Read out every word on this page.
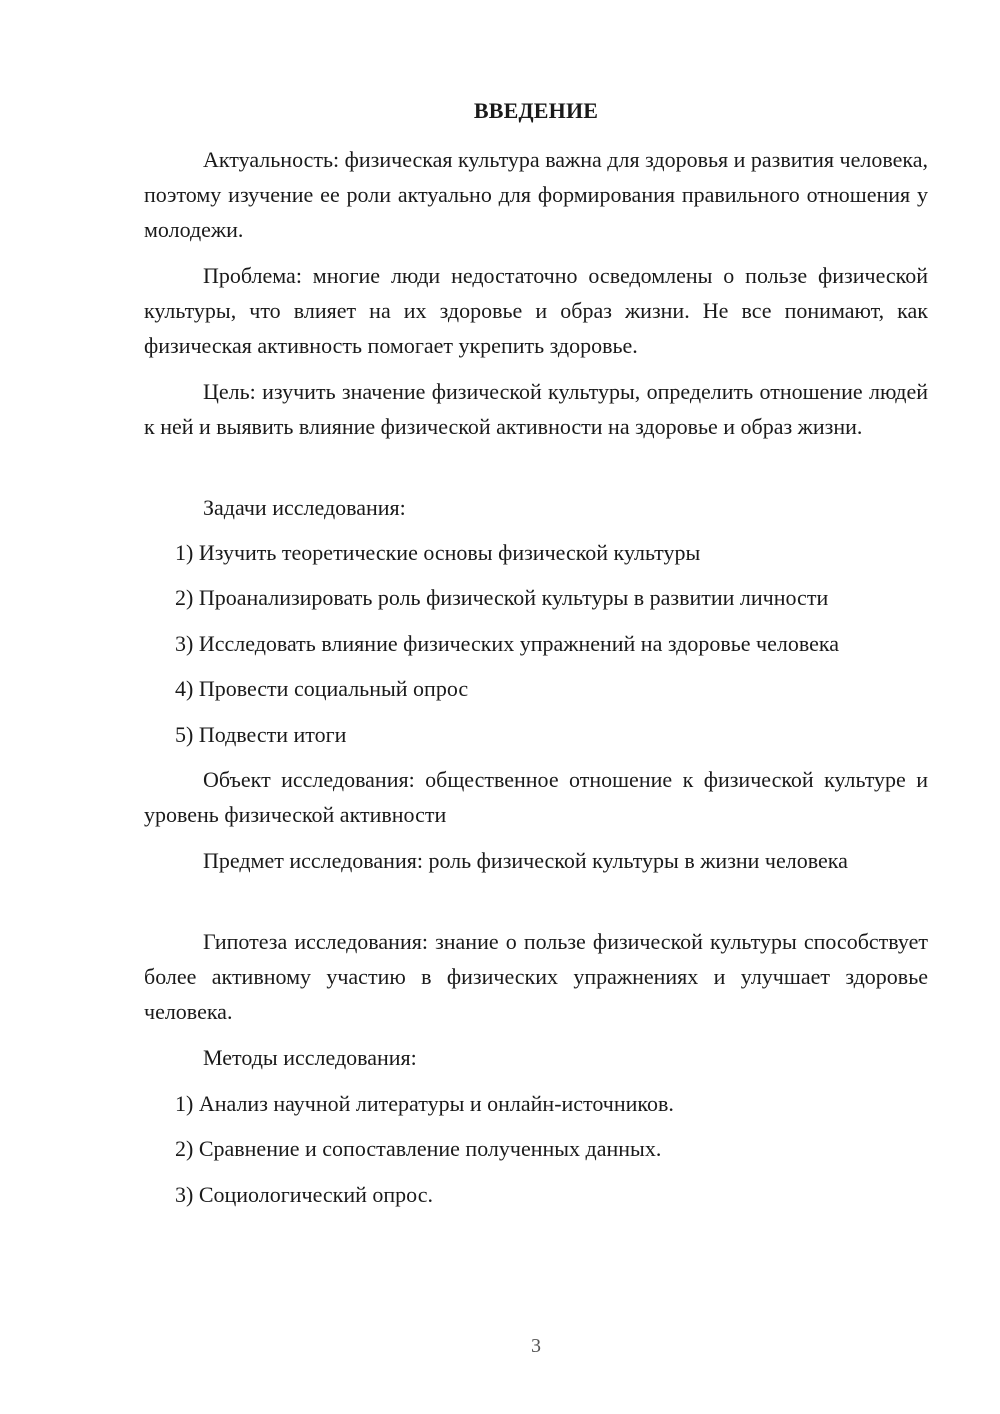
ВВЕДЕНИЕ

Актуальность: физическая культура важна для здоровья и развития человека, поэтому изучение ее роли актуально для формирования правильного отношения у молодежи.

Проблема: многие люди недостаточно осведомлены о пользе физической культуры, что влияет на их здоровье и образ жизни. Не все понимают, как физическая активность помогает укрепить здоровье.

Цель: изучить значение физической культуры, определить отношение людей к ней и выявить влияние физической активности на здоровье и образ жизни.

Задачи исследования:

1) Изучить теоретические основы физической культуры

2) Проанализировать роль физической культуры в развитии личности

3) Исследовать влияние физических упражнений на здоровье человека

4) Провести социальный опрос

5) Подвести итоги

Объект исследования: общественное отношение к физической культуре и уровень физической активности

Предмет исследования: роль физической культуры в жизни человека

Гипотеза исследования: знание о пользе физической культуры способствует более активному участию в физических упражнениях и улучшает здоровье человека.

Методы исследования:

1) Анализ научной литературы и онлайн-источников.

2) Сравнение и сопоставление полученных данных.

3) Социологический опрос.

3
